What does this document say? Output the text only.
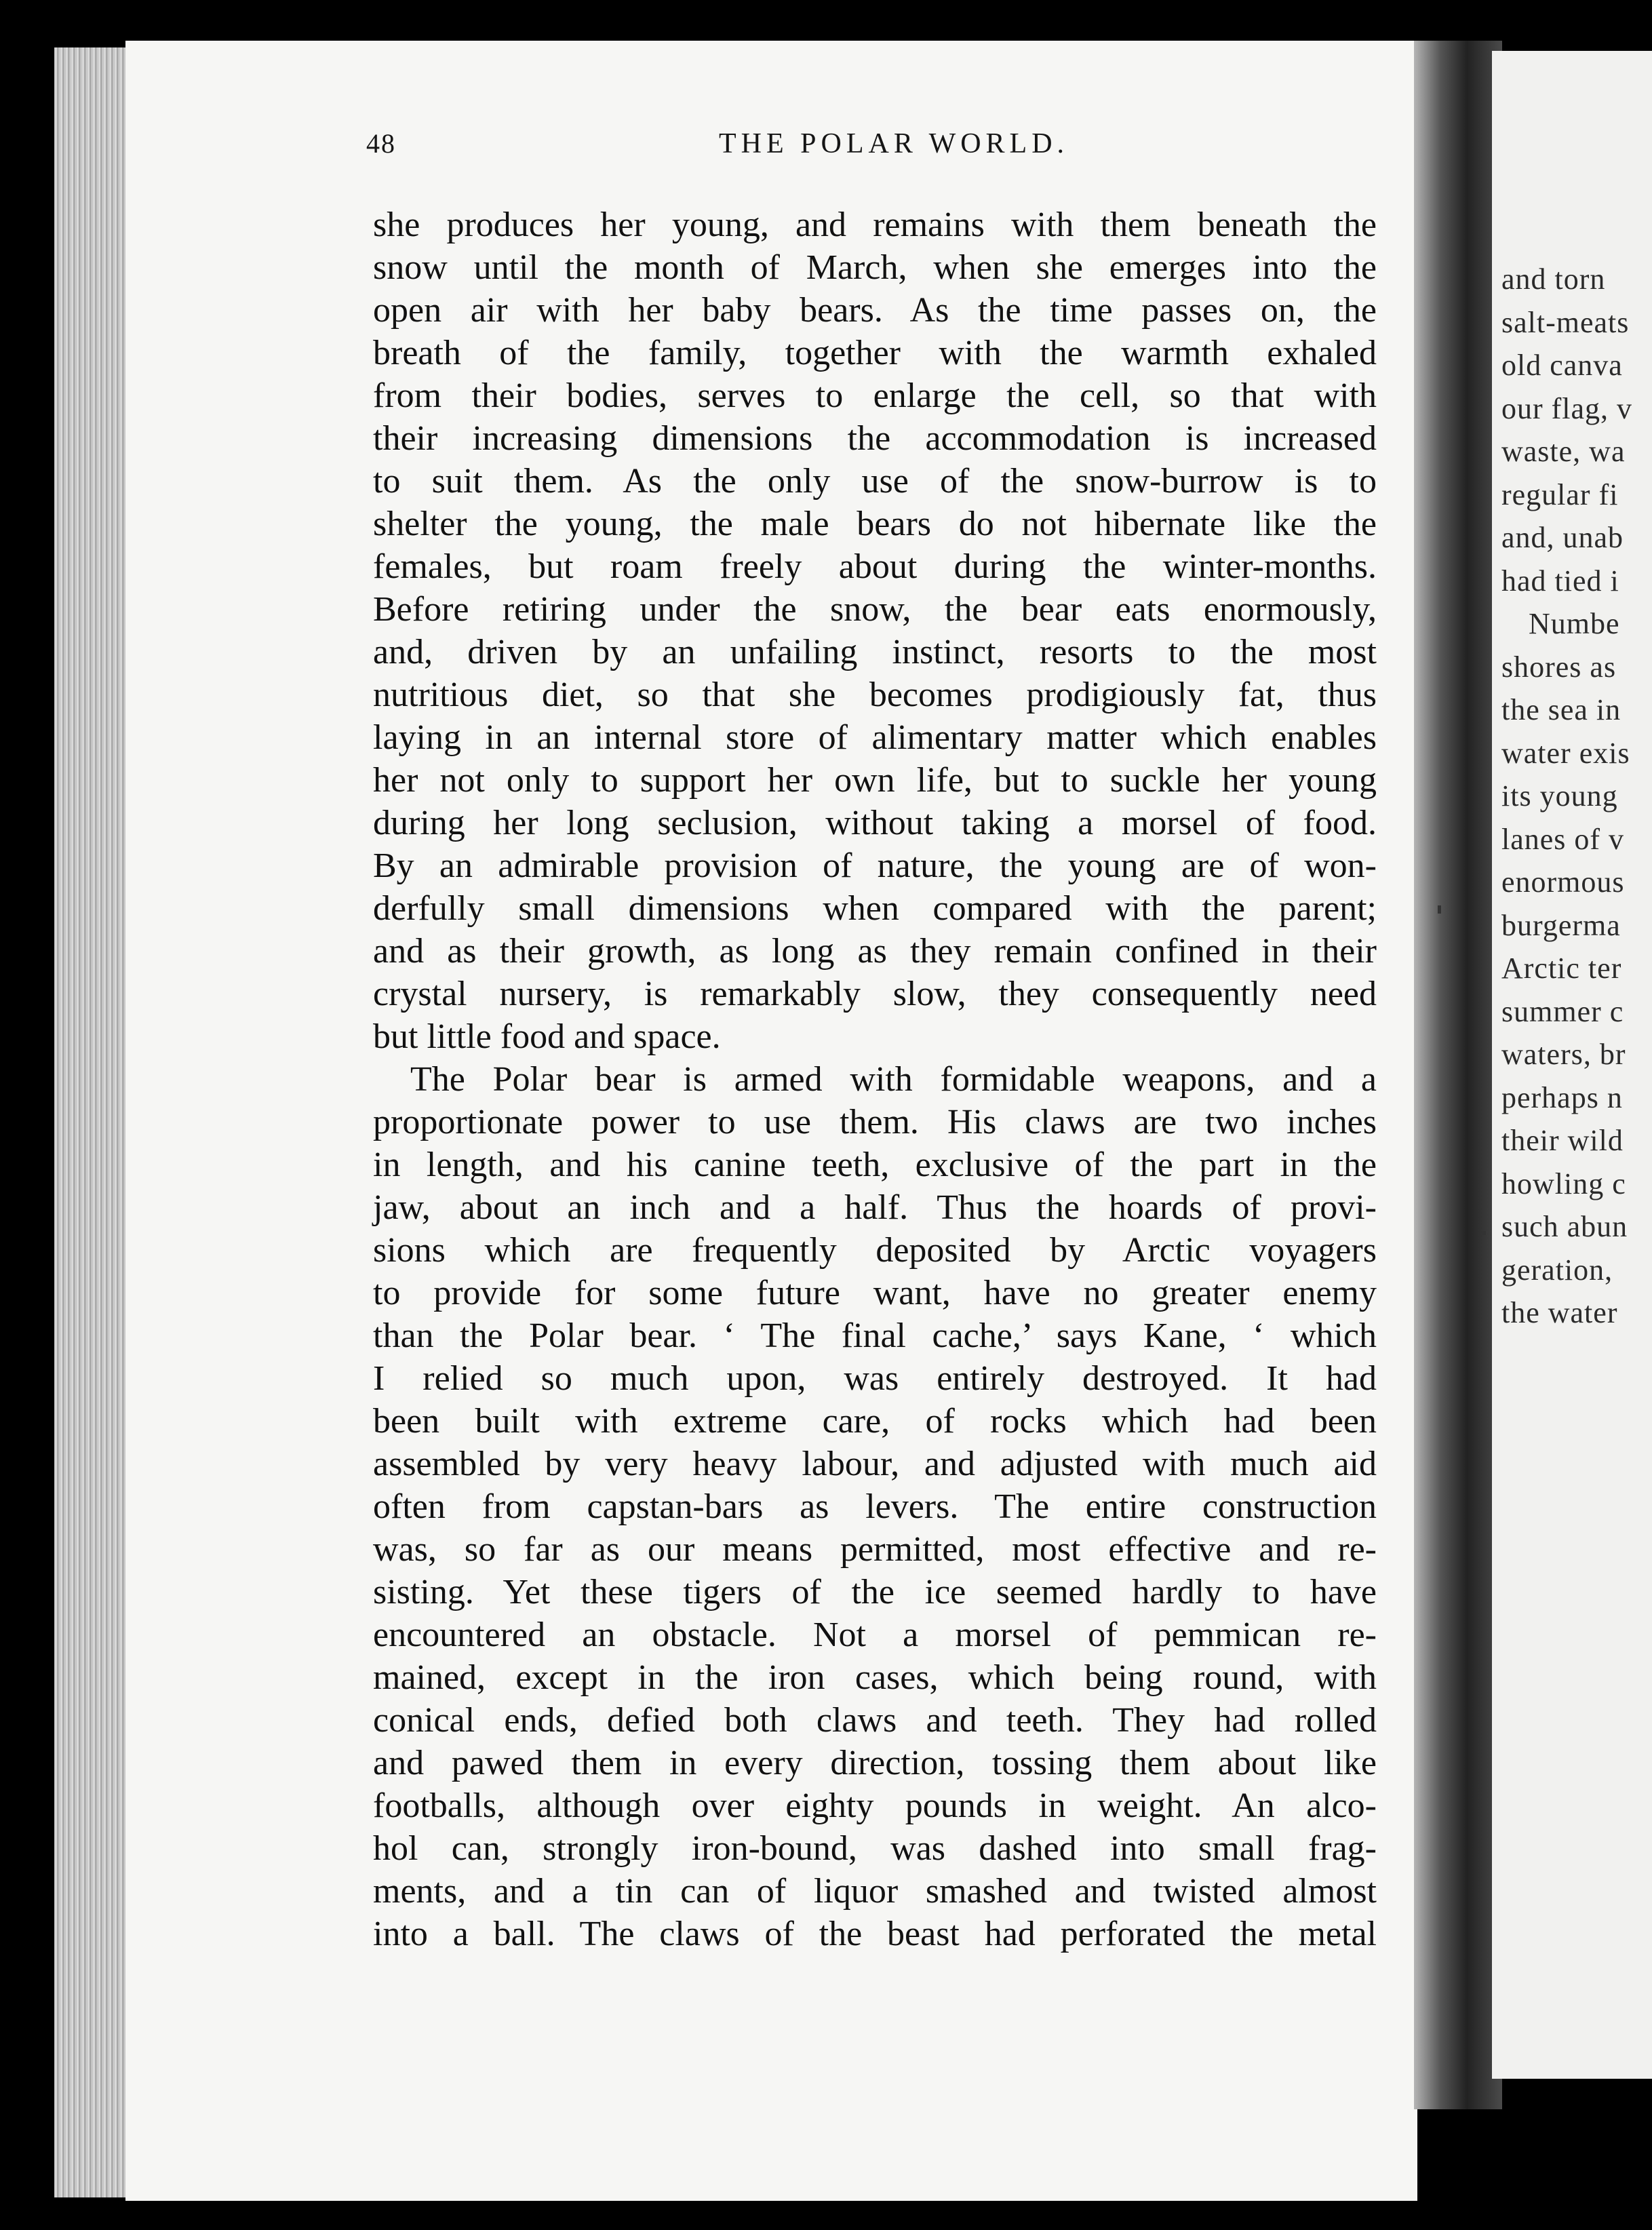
48	THE POLAR WORLD.
she produces her young, and remains with them beneath the
snow until the month of March, when she emerges into the
open air with her baby bears. As the time passes on, the
breath of the family, together with the warmth exhaled
from their bodies, serves to enlarge the cell, so that with
their increasing dimensions the accommodation is increased
to suit them. As the only use of the snow-burrow is to
shelter the young, the male bears do not hibernate like the
females, but roam freely about during the winter-months.
Before retiring under the snow, the bear eats enormously,
and, driven by an unfailing instinct, resorts to the most
nutritious diet, so that she becomes prodigiously fat, thus
laying in an internal store of alimentary matter which enables
her not only to support her own life, but to suckle her young
during her long seclusion, without taking a morsel of food.
By an admirable provision of nature, the young are of won-
derfully small dimensions when compared with the parent;
and as their growth, as long as they remain confined in their
crystal nursery, is remarkably slow, they consequently need
but little food and space.
The Polar bear is armed with formidable weapons, and a
proportionate power to use them. His claws are two inches
in length, and his canine teeth, exclusive of the part in the
jaw, about an inch and a half. Thus the hoards of provi-
sions which are frequently deposited by Arctic voyagers
to provide for some future want, have no greater enemy
than the Polar bear. ‘ The final cache,’ says Kane, ‘ which
I relied so much upon, was entirely destroyed. It had
been built with extreme care, of rocks which had been
assembled by very heavy labour, and adjusted with much aid
often from capstan-bars as levers. The entire construction
was, so far as our means permitted, most effective and re-
sisting. Yet these tigers of the ice seemed hardly to have
encountered an obstacle. Not a morsel of pemmican re-
mained, except in the iron cases, which being round, with
conical ends, defied both claws and teeth. They had rolled
and pawed them in every direction, tossing them about like
footballs, although over eighty pounds in weight. An alco-
hol can, strongly iron-bound, was dashed into small frag-
ments, and a tin can of liquor smashed and twisted almost
into a ball. The claws of the beast had perforated the metal
and torn
salt-meats
old canva
our flag, v
waste, wa
regular fi
and, unab
had tied i
Numbe
shores as
the sea in
water exis
its young
lanes of v
enormous
burgerma
Arctic ter
summer c
waters, br
perhaps n
their wild
howling c
such abun
geration,
the water
